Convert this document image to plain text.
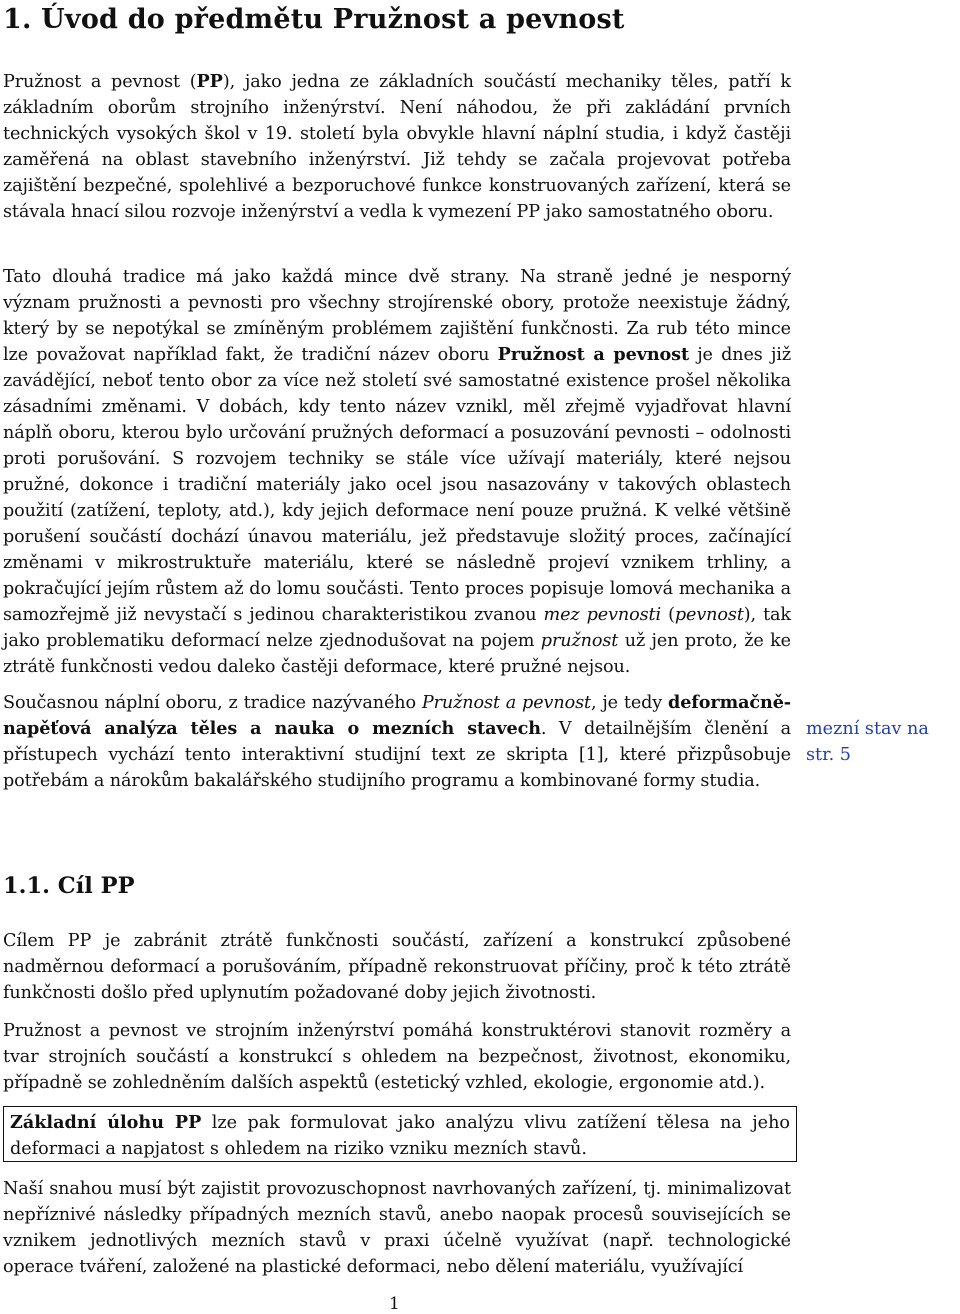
1. Úvod do předmětu Pružnost a pevnost

Pružnost a pevnost (PP), jako jedna ze základních součástí mechaniky těles, patří k základním oborům strojního inženýrství. Není náhodou, že při zakládání prvních technických vysokých škol v 19. století byla obvykle hlavní náplní studia, i když častěji zaměřená na oblast stavebního inženýrství. Již tehdy se začala projevovat potřeba zajištění bezpečné, spolehlivé a bezporuchové funkce konstruovaných zařízení, která se stávala hnací silou rozvoje inženýrství a vedla k vymezení PP jako samostatného oboru.

Tato dlouhá tradice má jako každá mince dvě strany. Na straně jedné je nesporný význam pružnosti a pevnosti pro všechny strojírenské obory, protože neexistuje žádný, který by se nepotýkal se zmíněným problémem zajištění funkčnosti. Za rub této mince lze považovat například fakt, že tradiční název oboru Pružnost a pevnost je dnes již zavádějící, neboť tento obor za více než století své samostatné existence prošel několika zásadními změnami. V dobách, kdy tento název vznikl, měl zřejmě vyjadřovat hlavní náplň oboru, kterou bylo určování pružných deformací a posuzování pevnosti – odolnosti proti porušování. S rozvojem techniky se stále více užívají materiály, které nejsou pružné, dokonce i tradiční materiály jako ocel jsou nasazovány v takových oblastech použití (zatížení, teploty, atd.), kdy jejich deformace není pouze pružná. K velké většině porušení součástí dochází únavou materiálu, jež představuje složitý proces, začínající změnami v mikrostruktuře materiálu, které se následně projeví vznikem trhliny, a pokračující jejím růstem až do lomu součásti. Tento proces popisuje lomová mechanika a samozřejmě již nevystačí s jedinou charakteristikou zvanou mez pevnosti (pevnost), tak jako problematiku deformací nelze zjednodušovat na pojem pružnost už jen proto, že ke ztrátě funkčnosti vedou daleko častěji deformace, které pružné nejsou.

Současnou náplní oboru, z tradice nazývaného Pružnost a pevnost, je tedy deformačně-napěťová analýza těles a nauka o mezních stavech. V detailnějším členění a přístupech vychází tento interaktivní studijní text ze skripta [1], které přizpůsobuje potřebám a nárokům bakalářského studijního programu a kombinované formy studia.

mezní stav na
str. 5
1.1. Cíl PP

Cílem PP je zabránit ztrátě funkčnosti součástí, zařízení a konstrukcí způsobené nadměrnou deformací a porušováním, případně rekonstruovat příčiny, proč k této ztrátě funkčnosti došlo před uplynutím požadované doby jejich životnosti.

Pružnost a pevnost ve strojním inženýrství pomáhá konstruktérovi stanovit rozměry a tvar strojních součástí a konstrukcí s ohledem na bezpečnost, životnost, ekonomiku, případně se zohledněním dalších aspektů (estetický vzhled, ekologie, ergonomie atd.).

Základní úlohu PP lze pak formulovat jako analýzu vlivu zatížení tělesa na jeho deformaci a napjatost s ohledem na riziko vzniku mezních stavů.

Naší snahou musí být zajistit provozuschopnost navrhovaných zařízení, tj. minimalizovat nepříznivé následky případných mezních stavů, anebo naopak procesů souvisejících se vznikem jednotlivých mezních stavů v praxi účelně využívat (např. technologické operace tváření, založené na plastické deformaci, nebo dělení materiálu, využívající

1
